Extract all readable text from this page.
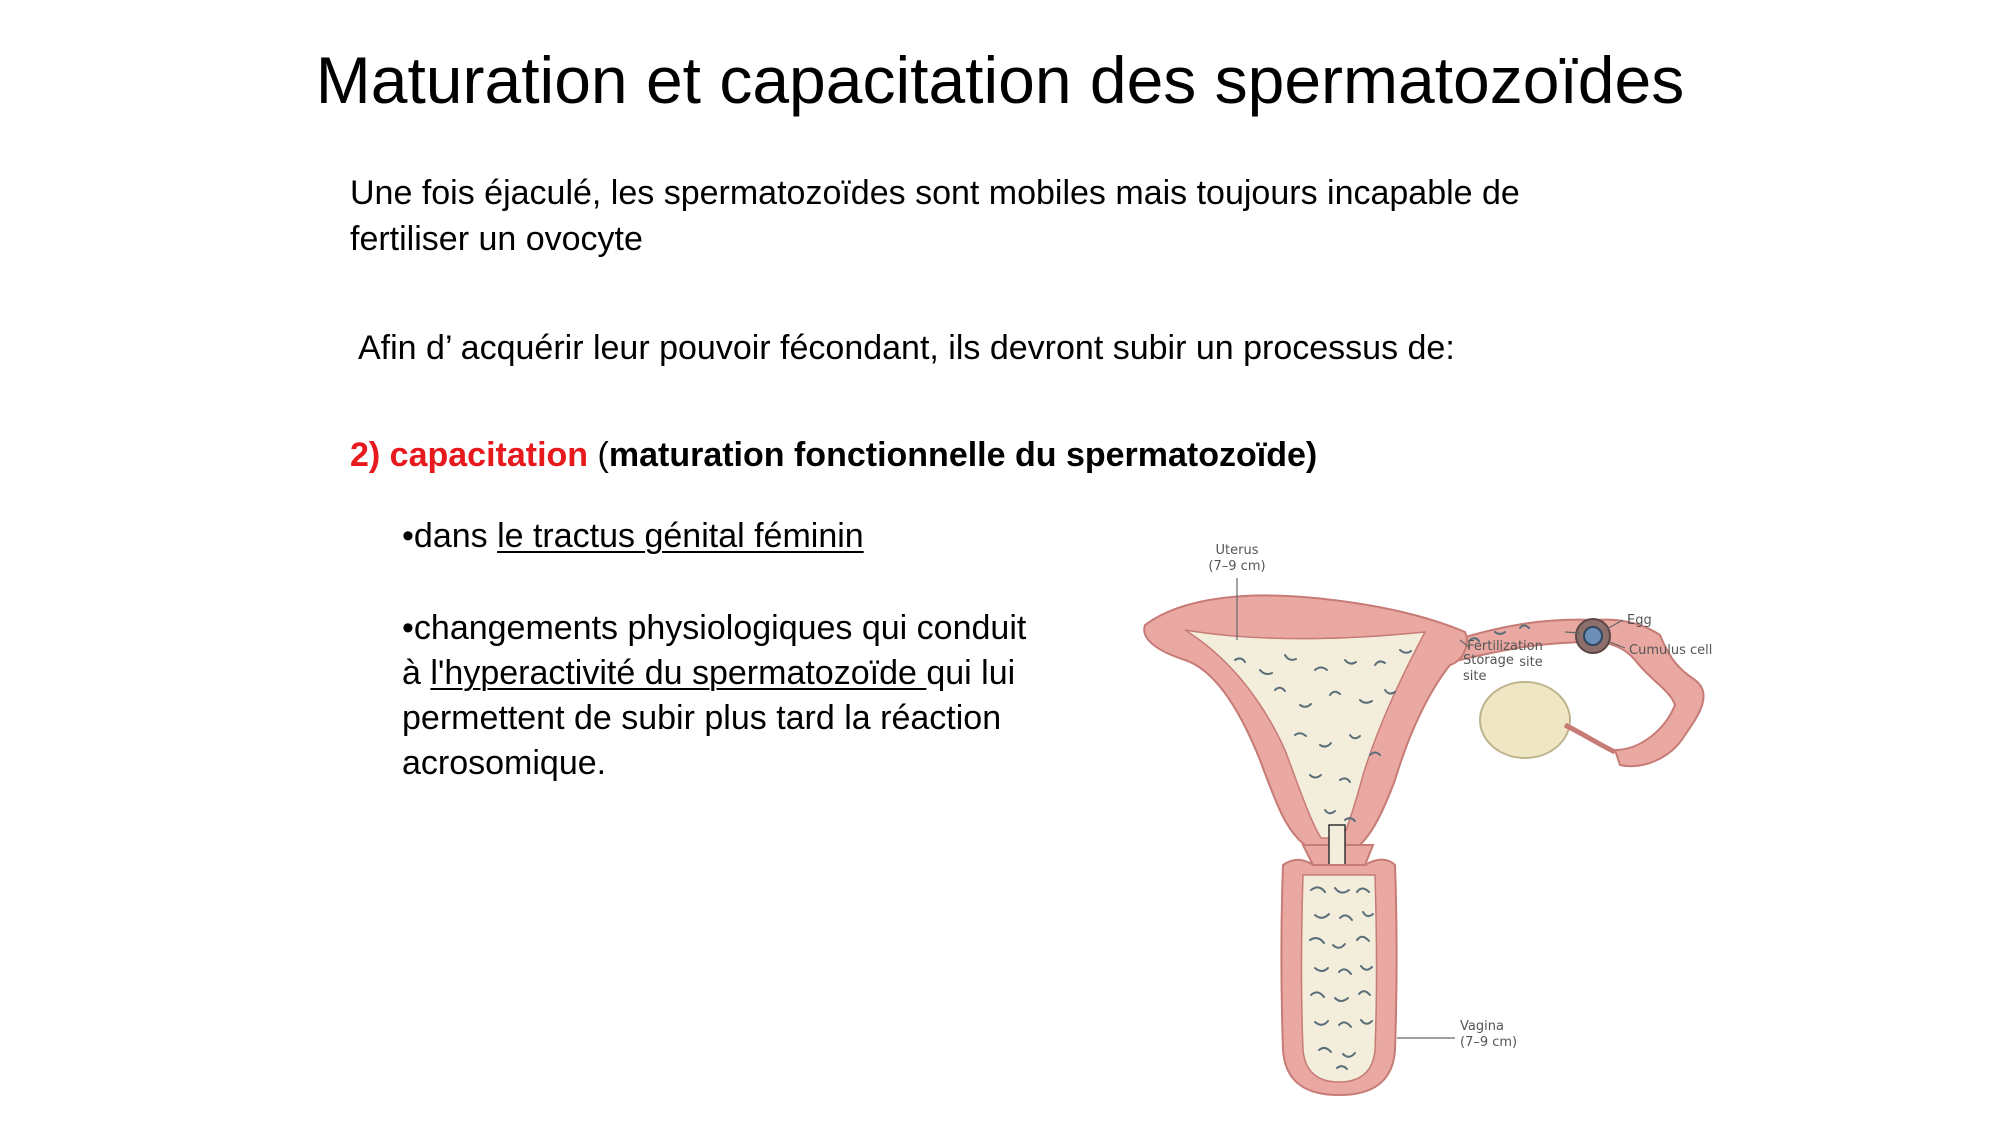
Maturation et capacitation des spermatozoïdes

Une fois éjaculé, les spermatozoïdes sont mobiles mais toujours incapable de
fertiliser un ovocyte

Afin d’ acquérir leur pouvoir fécondant, ils devront subir un processus de:

2) capacitation (maturation fonctionnelle du spermatozoïde)

•dans le tractus génital féminin

•changements physiologiques qui conduit
à l'hyperactivité du spermatozoïde qui lui
permettent de subir plus tard la réaction
acrosomique.

Uterus
(7–9 cm)
Egg
Cumulus cell
Fertilization
site
Storage
site
Vagina
(7–9 cm)
